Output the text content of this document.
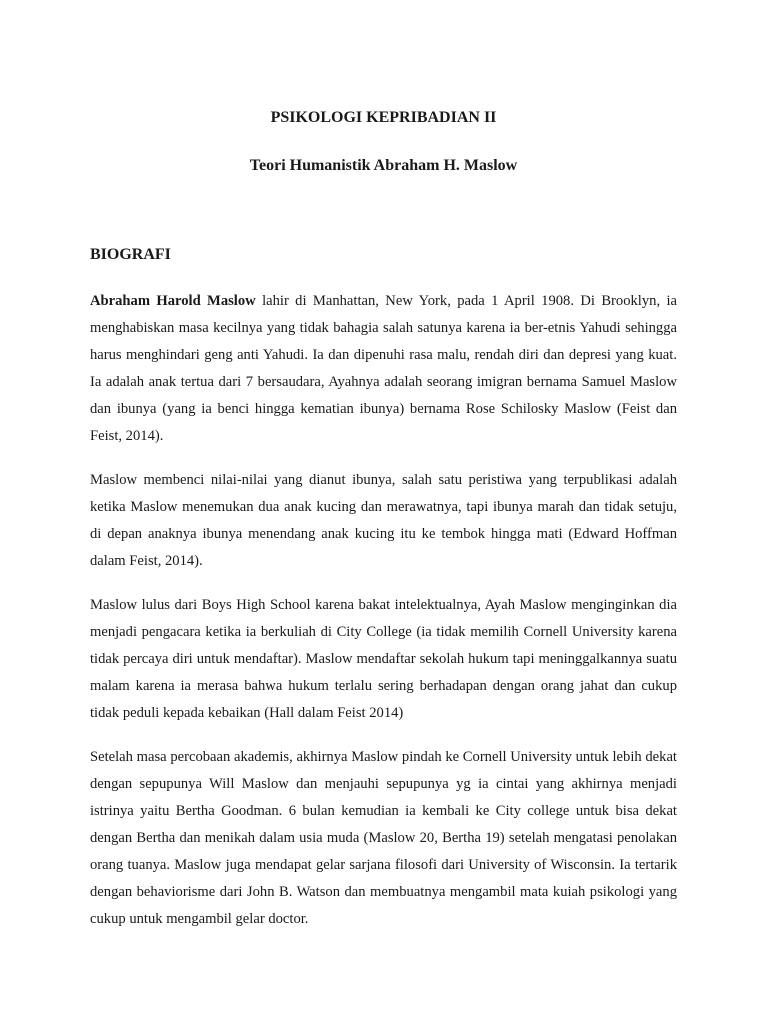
PSIKOLOGI KEPRIBADIAN II
Teori Humanistik Abraham H. Maslow
BIOGRAFI

Abraham Harold Maslow lahir di Manhattan, New York, pada 1 April 1908. Di Brooklyn, ia menghabiskan masa kecilnya yang tidak bahagia salah satunya karena ia ber-etnis Yahudi sehingga harus menghindari geng anti Yahudi. Ia dan dipenuhi rasa malu, rendah diri dan depresi yang kuat. Ia adalah anak tertua dari 7 bersaudara, Ayahnya adalah seorang imigran bernama Samuel Maslow dan ibunya (yang ia benci hingga kematian ibunya) bernama Rose Schilosky Maslow (Feist dan Feist, 2014).

Maslow membenci nilai-nilai yang dianut ibunya, salah satu peristiwa yang terpublikasi adalah ketika Maslow menemukan dua anak kucing dan merawatnya, tapi ibunya marah dan tidak setuju, di depan anaknya ibunya menendang anak kucing itu ke tembok hingga mati (Edward Hoffman dalam Feist, 2014).

Maslow lulus dari Boys High School karena bakat intelektualnya, Ayah Maslow menginginkan dia menjadi pengacara ketika ia berkuliah di City College (ia tidak memilih Cornell University karena tidak percaya diri untuk mendaftar). Maslow mendaftar sekolah hukum tapi meninggalkannya suatu malam karena ia merasa bahwa hukum terlalu sering berhadapan dengan orang jahat dan cukup tidak peduli kepada kebaikan (Hall dalam Feist 2014)

Setelah masa percobaan akademis, akhirnya Maslow pindah ke Cornell University untuk lebih dekat dengan sepupunya Will Maslow dan menjauhi sepupunya yg ia cintai yang akhirnya menjadi istrinya yaitu Bertha Goodman. 6 bulan kemudian ia kembali ke City college untuk bisa dekat dengan Bertha dan menikah dalam usia muda (Maslow 20, Bertha 19) setelah mengatasi penolakan orang tuanya. Maslow juga mendapat gelar sarjana filosofi dari University of Wisconsin. Ia tertarik dengan behaviorisme dari John B. Watson dan membuatnya mengambil mata kuiah psikologi yang cukup untuk mengambil gelar doctor.
